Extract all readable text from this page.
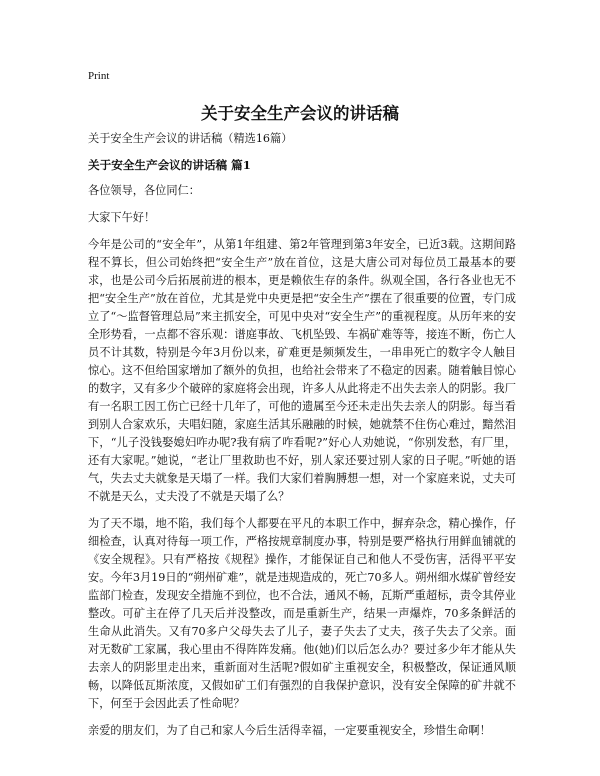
Print
关于安全生产会议的讲话稿

关于安全生产会议的讲话稿（精选16篇）

关于安全生产会议的讲话稿 篇1

各位领导，各位同仁：

大家下午好！

今年是公司的“安全年”，从第1年组建、第2年管理到第3年安全，已近3载。这期间路程不算长，但公司始终把“安全生产”放在首位，这是大唐公司对每位员工最基本的要求，也是公司今后拓展前进的根本，更是赖依生存的条件。纵观全国，各行各业也无不把“安全生产”放在首位，尤其是党中央更是把“安全生产”摆在了很重要的位置，专门成立了“～监督管理总局”来主抓安全，可见中央对“安全生产”的重视程度。从历年来的安全形势看，一点都不容乐观：谱庭事故、飞机坠毁、车祸矿难等等，接连不断，伤亡人员不计其数，特别是今年3月份以来，矿难更是频频发生，一串串死亡的数字令人触目惊心。这不但给国家增加了额外的负担，也给社会带来了不稳定的因素。随着触目惊心的数字，又有多少个破碎的家庭将会出现，许多人从此将走不出失去亲人的阴影。我厂有一名职工因工伤亡已经十几年了，可他的遗属至今还未走出失去亲人的阴影。每当看到别人合家欢乐，夫唱妇随，家庭生活其乐融融的时候，她就禁不住伤心难过，黯然泪下，“儿子没钱娶媳妇咋办呢?我有病了咋看呢?”好心人劝她说，“你别发愁，有厂里，还有大家呢。”她说，“老让厂里救助也不好，别人家还要过别人家的日子呢。”听她的语气，失去丈夫就象是天塌了一样。我们大家们着胸膊想一想，对一个家庭来说，丈夫可不就是天么，丈夫没了不就是天塌了么？

为了天不塌，地不陷，我们每个人都要在平凡的本职工作中，摒弃杂念，精心操作，仔细检查，认真对待每一项工作，严格按规章制度办事，特别是要严格执行用鲜血铺就的《安全规程》。只有严格按《规程》操作，才能保证自己和他人不受伤害，活得平平安安。今年3月19日的“朔州矿难”，就是违规造成的，死亡70多人。朔州细水煤矿曾经安监部门检查，发现安全措施不到位，也不合法，通风不畅，瓦斯严重超标，责令其停业整改。可矿主在停了几天后并没整改，而是重新生产，结果一声爆炸，70多条鲜活的生命从此消失。又有70多户父母失去了儿子，妻子失去了丈夫，孩子失去了父亲。面对无数矿工家属，我心里由不得阵阵发痛。他(她)们以后怎么办？要过多少年才能从失去亲人的阴影里走出来，重新面对生活呢?假如矿主重视安全，积极整改，保证通风顺畅，以降低瓦斯浓度，又假如矿工们有强烈的自我保护意识，没有安全保障的矿井就不下，何至于会因此丢了性命呢？

亲爱的朋友们，为了自己和家人今后生活得幸福，一定要重视安全，珍惜生命啊！
